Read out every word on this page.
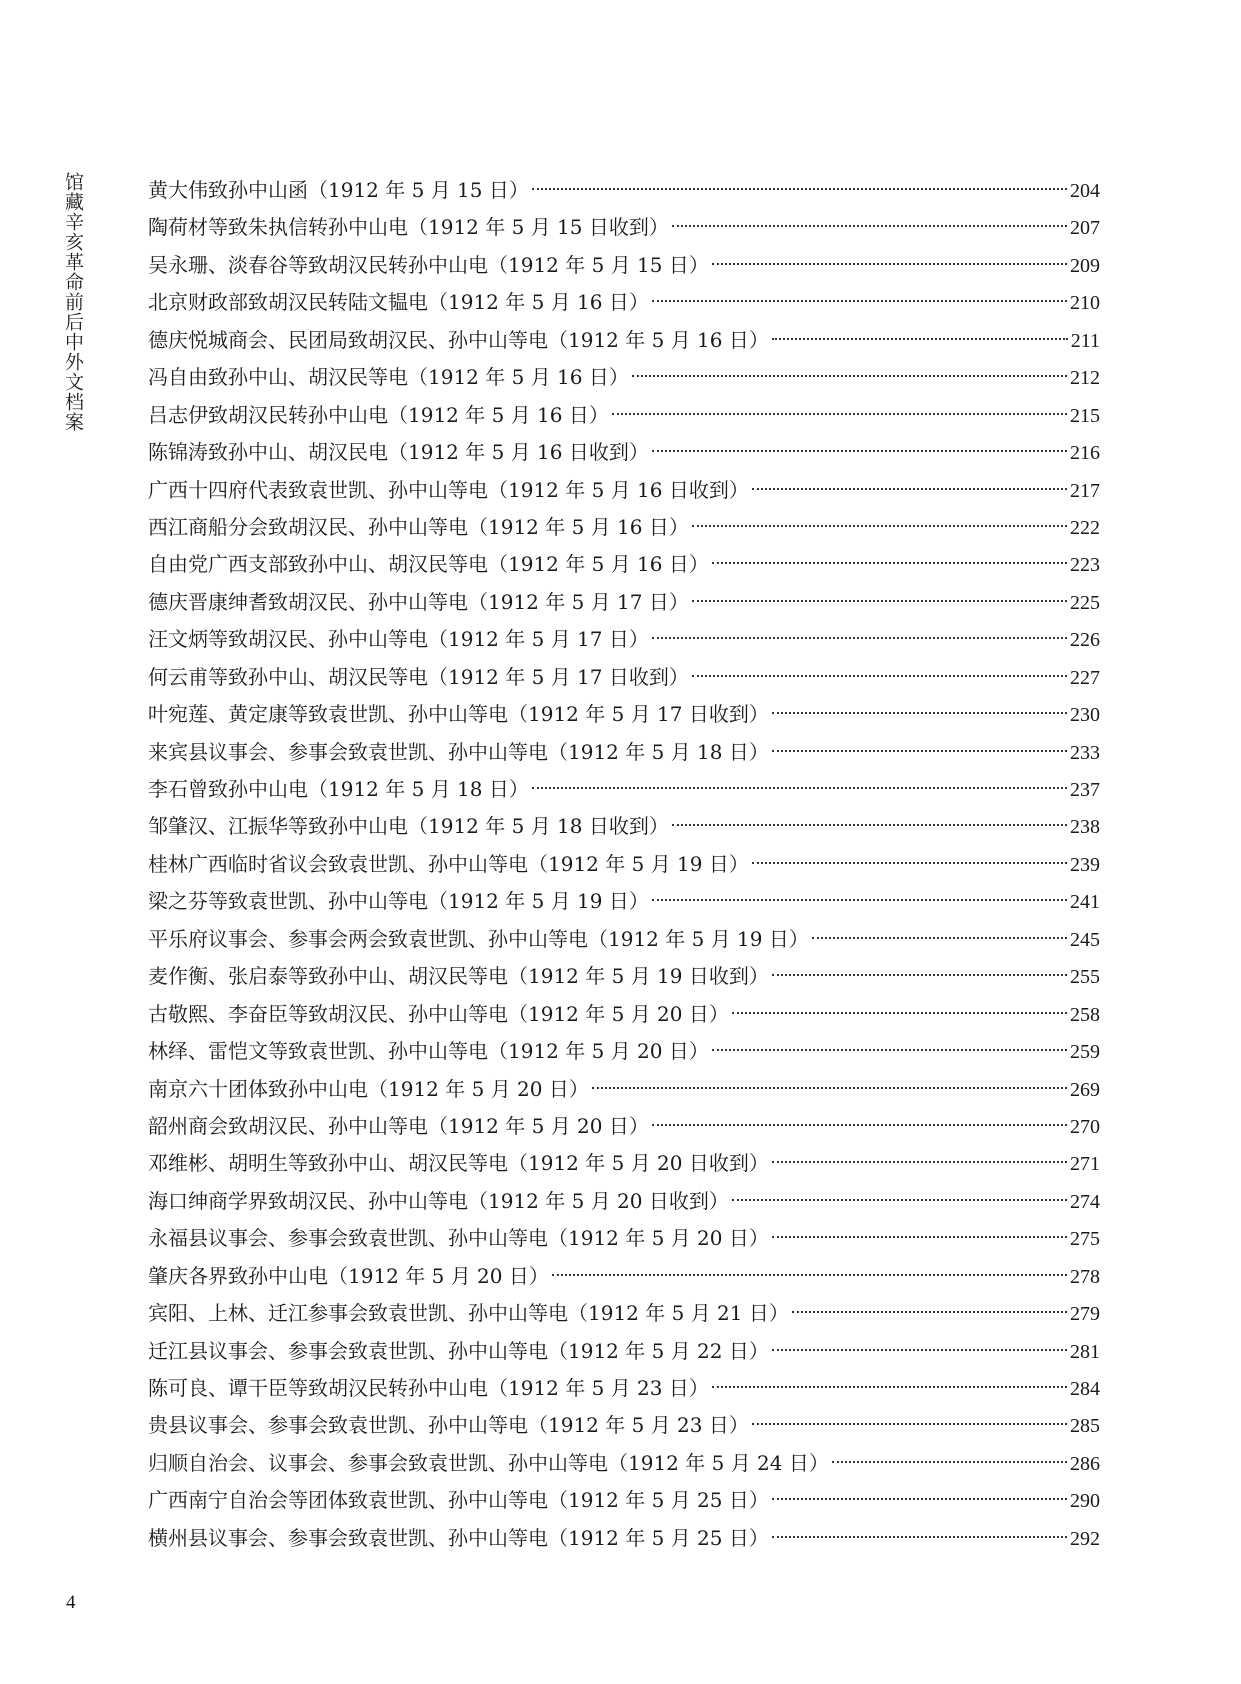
馆藏辛亥革命前后中外文档案	黄大伟致孙中山函（1912 年 5 月 15 日）	204
陶荷材等致朱执信转孙中山电（1912 年 5 月 15 日收到）	207
吴永珊、淡春谷等致胡汉民转孙中山电（1912 年 5 月 15 日）	209
北京财政部致胡汉民转陆文韫电（1912 年 5 月 16 日）	210
德庆悦城商会、民团局致胡汉民、孙中山等电（1912 年 5 月 16 日）	211
冯自由致孙中山、胡汉民等电（1912 年 5 月 16 日）	212
吕志伊致胡汉民转孙中山电（1912 年 5 月 16 日）	215
陈锦涛致孙中山、胡汉民电（1912 年 5 月 16 日收到）	216
广西十四府代表致袁世凯、孙中山等电（1912 年 5 月 16 日收到）	217
西江商船分会致胡汉民、孙中山等电（1912 年 5 月 16 日）	222
自由党广西支部致孙中山、胡汉民等电（1912 年 5 月 16 日）	223
德庆晋康绅耆致胡汉民、孙中山等电（1912 年 5 月 17 日）	225
汪文炳等致胡汉民、孙中山等电（1912 年 5 月 17 日）	226
何云甫等致孙中山、胡汉民等电（1912 年 5 月 17 日收到）	227
叶宛莲、黄定康等致袁世凯、孙中山等电（1912 年 5 月 17 日收到）	230
来宾县议事会、参事会致袁世凯、孙中山等电（1912 年 5 月 18 日）	233
李石曾致孙中山电（1912 年 5 月 18 日）	237
邹肇汉、江振华等致孙中山电（1912 年 5 月 18 日收到）	238
桂林广西临时省议会致袁世凯、孙中山等电（1912 年 5 月 19 日）	239
梁之芬等致袁世凯、孙中山等电（1912 年 5 月 19 日）	241
平乐府议事会、参事会两会致袁世凯、孙中山等电（1912 年 5 月 19 日）	245
麦作衡、张启泰等致孙中山、胡汉民等电（1912 年 5 月 19 日收到）	255
古敬熙、李奋臣等致胡汉民、孙中山等电（1912 年 5 月 20 日）	258
林绎、雷恺文等致袁世凯、孙中山等电（1912 年 5 月 20 日）	259
南京六十团体致孙中山电（1912 年 5 月 20 日）	269
韶州商会致胡汉民、孙中山等电（1912 年 5 月 20 日）	270
邓维彬、胡明生等致孙中山、胡汉民等电（1912 年 5 月 20 日收到）	271
海口绅商学界致胡汉民、孙中山等电（1912 年 5 月 20 日收到）	274
永福县议事会、参事会致袁世凯、孙中山等电（1912 年 5 月 20 日）	275
肇庆各界致孙中山电（1912 年 5 月 20 日）	278
宾阳、上林、迁江参事会致袁世凯、孙中山等电（1912 年 5 月 21 日）	279
迁江县议事会、参事会致袁世凯、孙中山等电（1912 年 5 月 22 日）	281
陈可良、谭干臣等致胡汉民转孙中山电（1912 年 5 月 23 日）	284
贵县议事会、参事会致袁世凯、孙中山等电（1912 年 5 月 23 日）	285
归顺自治会、议事会、参事会致袁世凯、孙中山等电（1912 年 5 月 24 日）	286
广西南宁自治会等团体致袁世凯、孙中山等电（1912 年 5 月 25 日）	290
横州县议事会、参事会致袁世凯、孙中山等电（1912 年 5 月 25 日）	292
4
